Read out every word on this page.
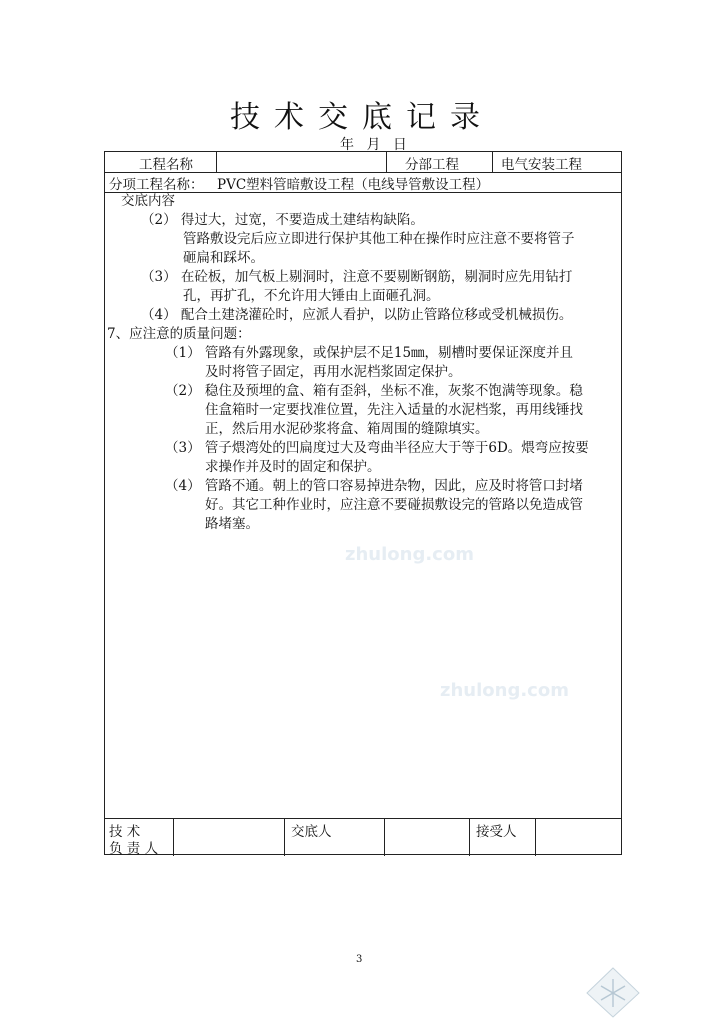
技术交底记录
年 月 日
工程名称	分部工程	电气安装工程
分项工程名称： PVC塑料管暗敷设工程（电线导管敷设工程）
交底内容
（2） 得过大，过宽，不要造成土建结构缺陷。
管路敷设完后应立即进行保护其他工种在操作时应注意不要将管子
砸扁和踩坏。
（3） 在砼板，加气板上剔洞时，注意不要剔断钢筋，剔洞时应先用钻打
孔，再扩孔，不允许用大锤由上面砸孔洞。
（4） 配合土建浇灌砼时，应派人看护，以防止管路位移或受机械损伤。
7、应注意的质量问题：
（1） 管路有外露现象，或保护层不足15㎜，剔槽时要保证深度并且
及时将管子固定，再用水泥档浆固定保护。
（2） 稳住及预埋的盒、箱有歪斜，坐标不准，灰浆不饱满等现象。稳
住盒箱时一定要找准位置，先注入适量的水泥档浆，再用线锤找
正，然后用水泥砂浆将盒、箱周围的缝隙填实。
（3） 管子煨湾处的凹扁度过大及弯曲半径应大于等于6D。煨弯应按要
求操作并及时的固定和保护。
（4） 管路不通。朝上的管口容易掉进杂物，因此，应及时将管口封堵
好。其它工种作业时，应注意不要碰损敷设完的管路以免造成管
路堵塞。
技 术
负 责 人
交底人	接受人
zhulong.com
zhulong.com
3
